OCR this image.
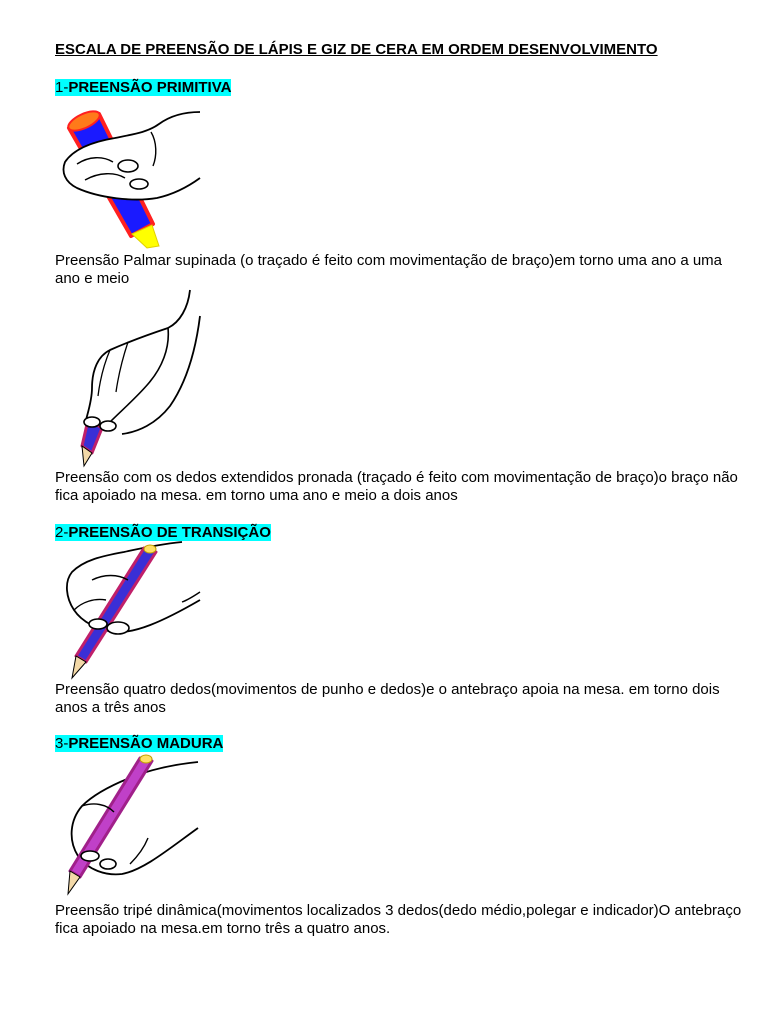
ESCALA DE PREENSÃO DE LÁPIS E GIZ DE CERA EM ORDEM DESENVOLVIMENTO
1-PREENSÃO PRIMITIVA
Preensão Palmar supinada (o traçado é feito com movimentação de braço)em torno uma ano a uma ano e meio
Preensão com os dedos extendidos pronada (traçado é feito com movimentação de braço)o braço não fica apoiado na mesa. em torno uma ano e meio a dois anos
2-PREENSÃO DE TRANSIÇÃO
Preensão quatro dedos(movimentos de punho e dedos)e o antebraço apoia na mesa. em torno dois anos a três anos
3-PREENSÃO MADURA
Preensão tripé dinâmica(movimentos localizados 3 dedos(dedo médio,polegar e indicador)O antebraço fica apoiado na mesa.em torno três a quatro anos.
